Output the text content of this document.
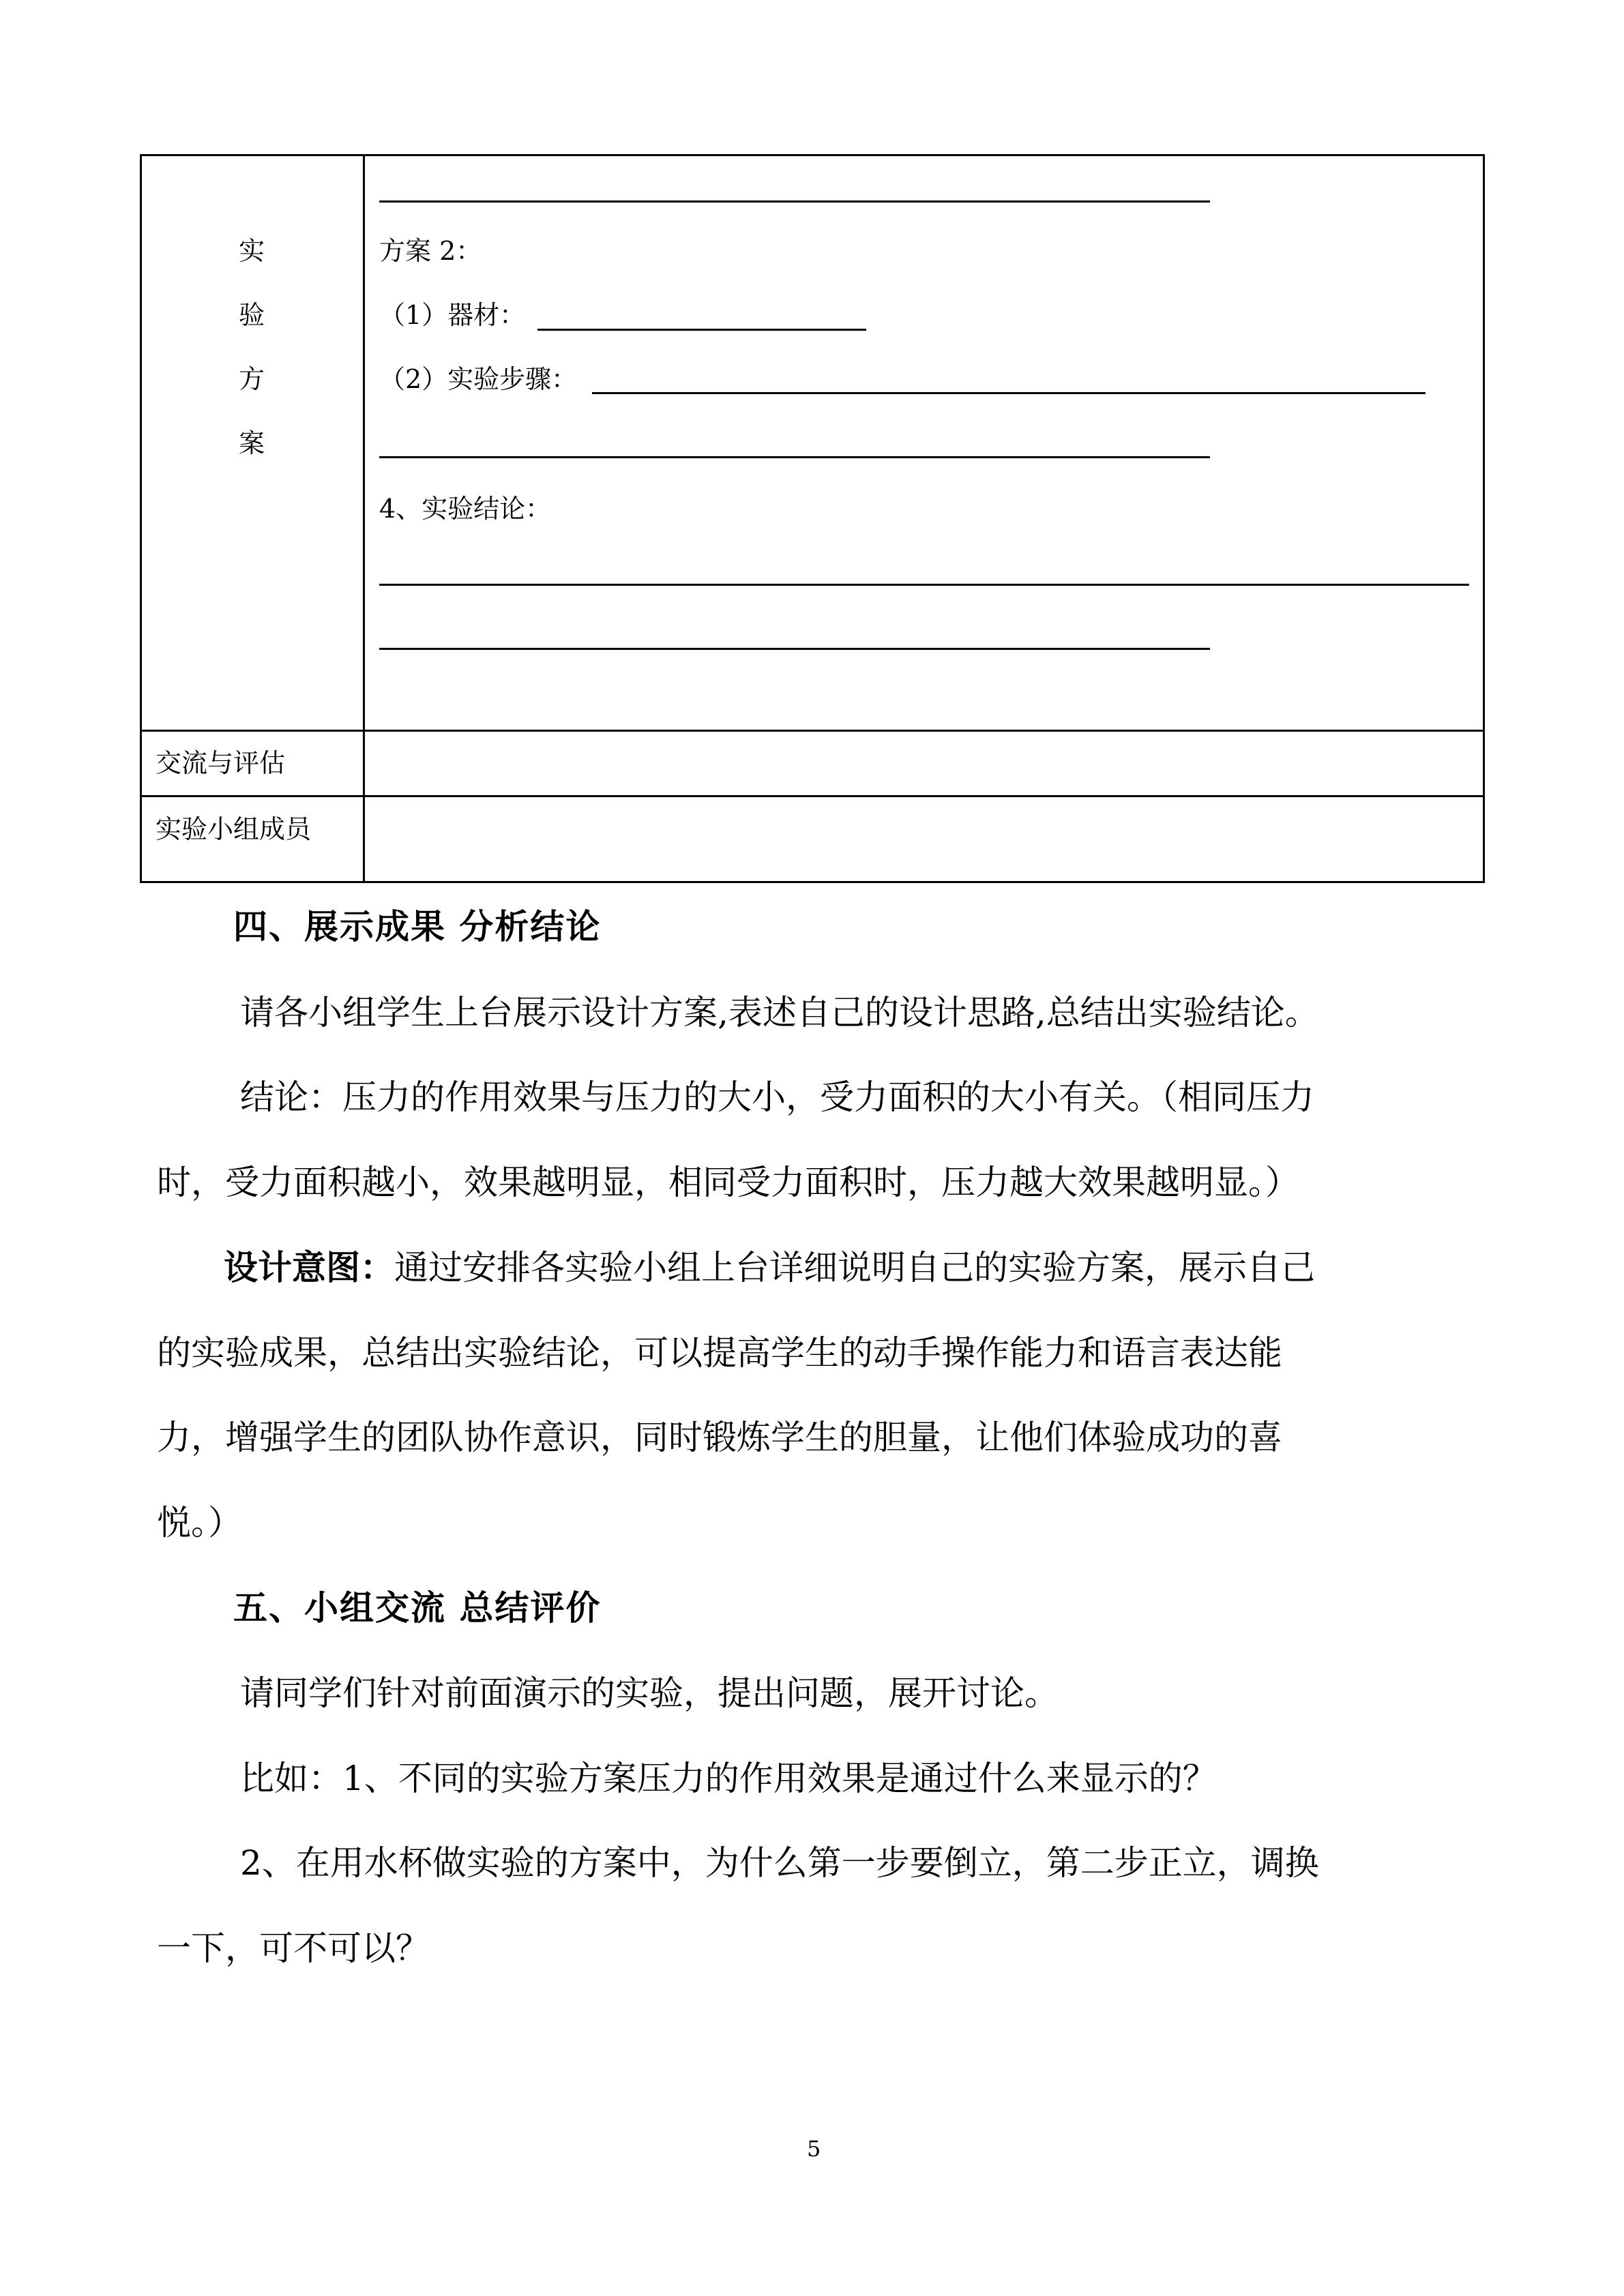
实
验
方
案
方案 2：
（1）器材：
（2）实验步骤：
4、实验结论：
交流与评估
实验小组成员
四、展示成果 分析结论
请各小组学生上台展示设计方案,表述自己的设计思路,总结出实验结论。
结论：压力的作用效果与压力的大小，受力面积的大小有关。（相同压力
时，受力面积越小，效果越明显，相同受力面积时，压力越大效果越明显。）
设计意图：通过安排各实验小组上台详细说明自己的实验方案，展示自己
的实验成果，总结出实验结论，可以提高学生的动手操作能力和语言表达能
力，增强学生的团队协作意识，同时锻炼学生的胆量，让他们体验成功的喜
悦。）
五、小组交流 总结评价
请同学们针对前面演示的实验，提出问题，展开讨论。
比如：1、不同的实验方案压力的作用效果是通过什么来显示的？
2、在用水杯做实验的方案中，为什么第一步要倒立，第二步正立，调换
一下，可不可以？
5
